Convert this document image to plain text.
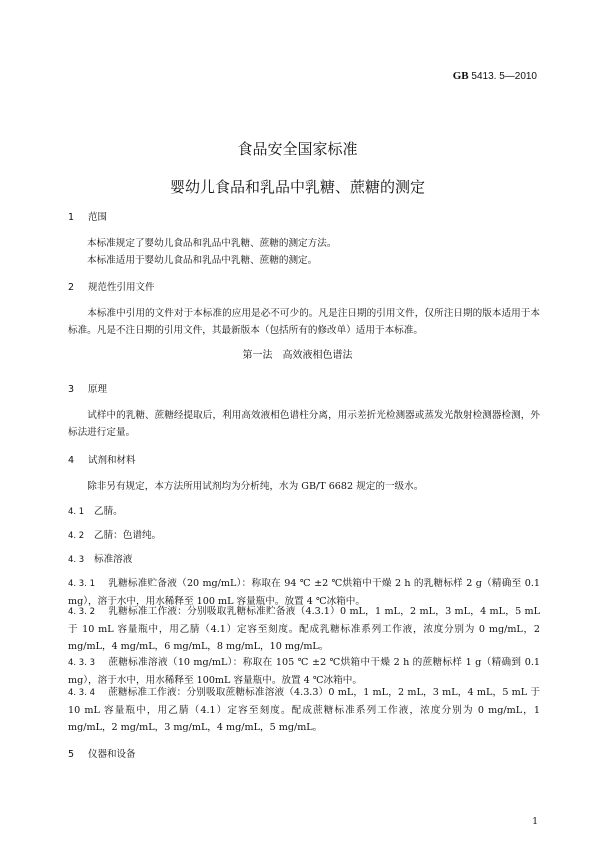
GB 5413. 5—2010
食品安全国家标准
婴幼儿食品和乳品中乳糖、蔗糖的测定
1 范围
本标准规定了婴幼儿食品和乳品中乳糖、蔗糖的测定方法。
本标准适用于婴幼儿食品和乳品中乳糖、蔗糖的测定。
2 规范性引用文件
本标准中引用的文件对于本标准的应用是必不可少的。凡是注日期的引用文件，仅所注日期的版本适用于本标准。凡是不注日期的引用文件，其最新版本（包括所有的修改单）适用于本标准。
第一法　高效液相色谱法
3 原理
试样中的乳糖、蔗糖经提取后，利用高效液相色谱柱分离，用示差折光检测器或蒸发光散射检测器检测，外标法进行定量。
4 试剂和材料
除非另有规定，本方法所用试剂均为分析纯，水为 GB/T 6682 规定的一级水。
4. 1 乙腈。
4. 2 乙腈：色谱纯。
4. 3 标准溶液
4. 3. 1 乳糖标准贮备液（20 mg/mL）：称取在 94 ℃ ±2 ℃烘箱中干燥 2 h 的乳糖标样 2 g（精确至 0.1 mg），溶于水中，用水稀释至 100 mL 容量瓶中。放置 4 ℃冰箱中。
4. 3. 2 乳糖标准工作液：分别吸取乳糖标准贮备液（4.3.1）0 mL，1 mL，2 mL，3 mL，4 mL，5 mL 于 10 mL 容量瓶中，用乙腈（4.1）定容至刻度。配成乳糖标准系列工作液，浓度分别为 0 mg/mL，2 mg/mL，4 mg/mL，6 mg/mL，8 mg/mL，10 mg/mL。
4. 3. 3 蔗糖标准溶液（10 mg/mL）：称取在 105 ℃ ±2 ℃烘箱中干燥 2 h 的蔗糖标样 1 g（精确到 0.1 mg），溶于水中，用水稀释至 100mL 容量瓶中。放置 4 ℃冰箱中。
4. 3. 4 蔗糖标准工作液：分别吸取蔗糖标准溶液（4.3.3）0 mL，1 mL，2 mL，3 mL，4 mL，5 mL 于 10 mL 容量瓶中，用乙腈（4.1）定容至刻度。配成蔗糖标准系列工作液，浓度分别为 0 mg/mL，1 mg/mL，2 mg/mL，3 mg/mL，4 mg/mL，5 mg/mL。
5 仪器和设备
1
